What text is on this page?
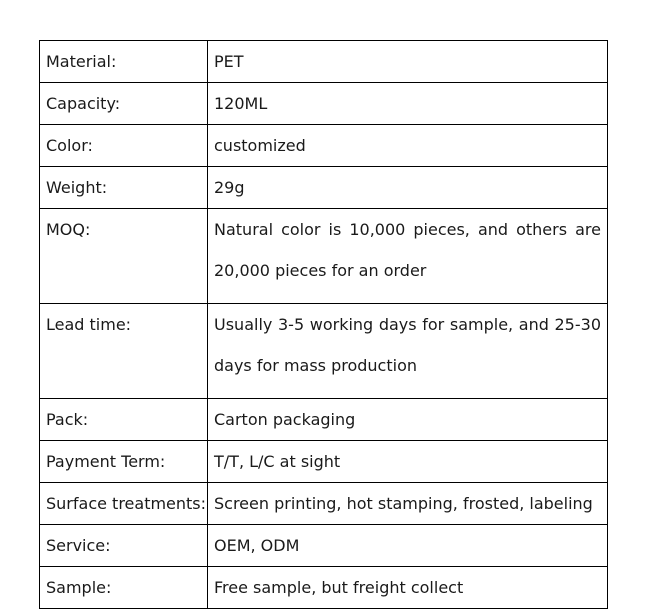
Material:	PET
Capacity:	120ML
Color:	customized
Weight:	29g
MOQ:	Natural color is 10,000 pieces, and others are 20,000 pieces for an order
Lead time:	Usually 3-5 working days for sample, and 25-30 days for mass production
Pack:	Carton packaging
Payment Term:	T/T, L/C at sight
Surface treatments:	Screen printing, hot stamping, frosted, labeling
Service:	OEM, ODM
Sample:	Free sample, but freight collect
